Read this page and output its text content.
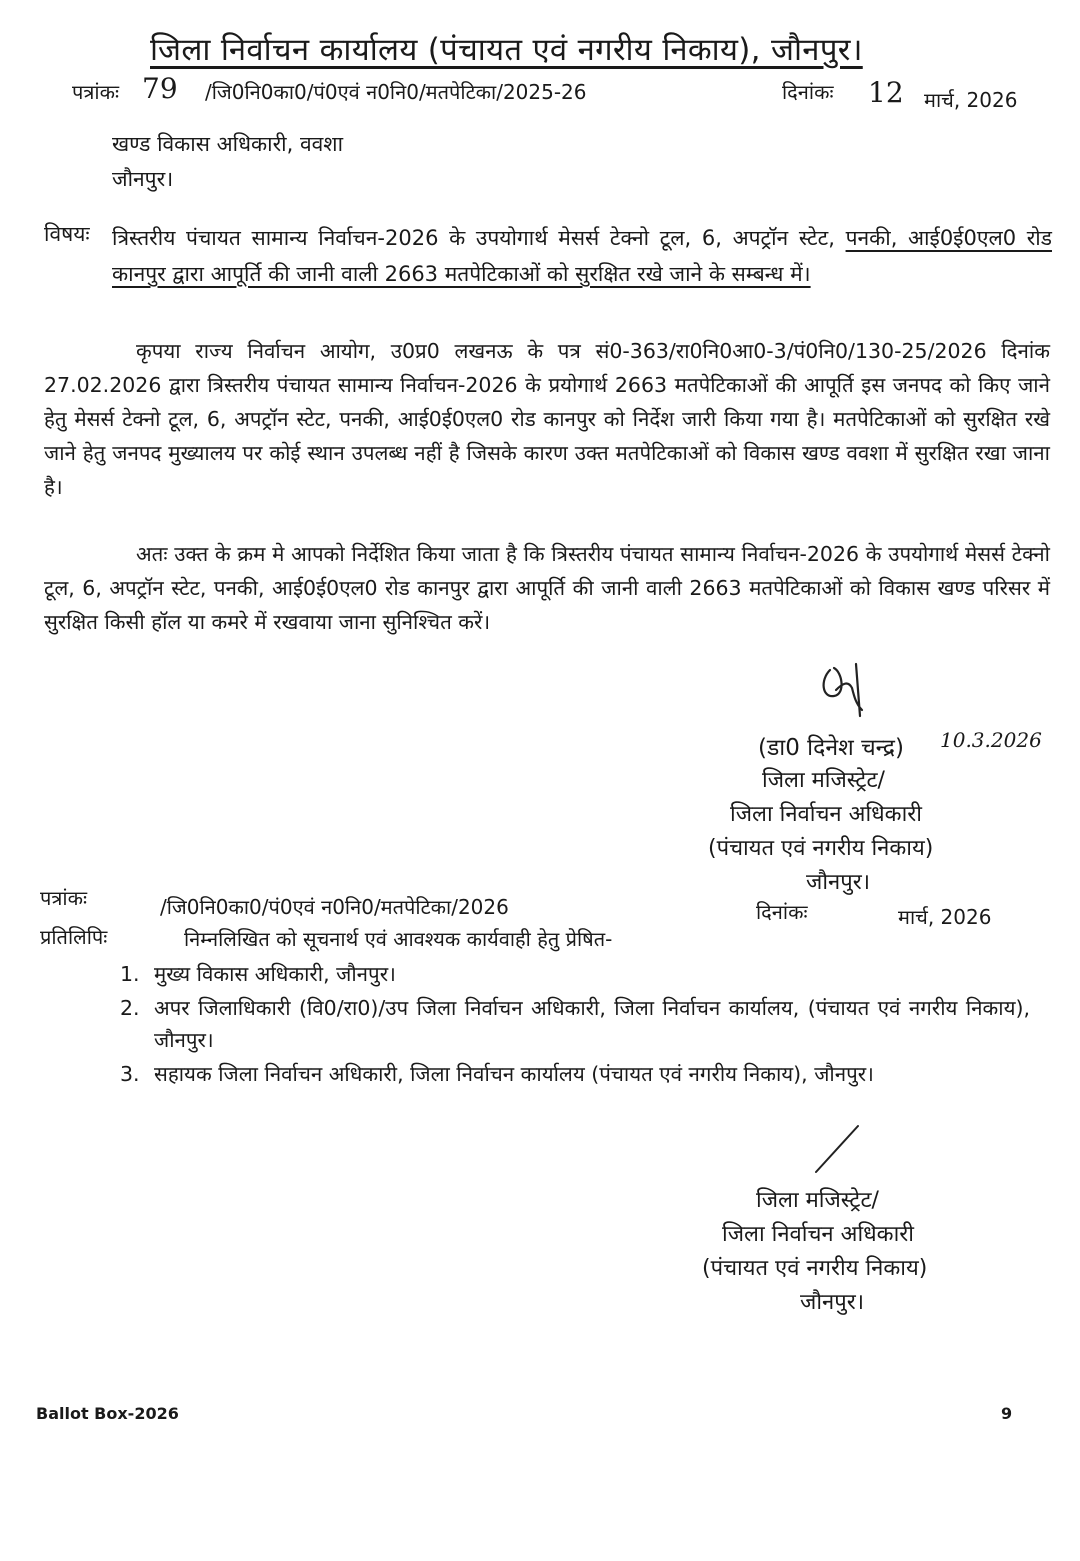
जिला निर्वाचन कार्यालय (पंचायत एवं नगरीय निकाय), जौनपुर।
पत्रांकः 79 /जि0नि0का0/पं0एवं न0नि0/मतपेटिका/2025-26	दिनांकः 12 मार्च, 2026
खण्ड विकास अधिकारी, ववशा
जौनपुर।
विषयः त्रिस्तरीय पंचायत सामान्य निर्वाचन-2026 के उपयोगार्थ मेसर्स टेक्नो टूल, 6, अपट्रॉन स्टेट, पनकी, आई0ई0एल0 रोड कानपुर द्वारा आपूर्ति की जानी वाली 2663 मतपेटिकाओं को सुरक्षित रखे जाने के सम्बन्ध में।
कृपया राज्य निर्वाचन आयोग, उ0प्र0 लखनऊ के पत्र सं0-363/रा0नि0आ0-3/पं0नि0/130-25/2026 दिनांक 27.02.2026 द्वारा त्रिस्तरीय पंचायत सामान्य निर्वाचन-2026 के प्रयोगार्थ 2663 मतपेटिकाओं की आपूर्ति इस जनपद को किए जाने हेतु मेसर्स टेक्नो टूल, 6, अपट्रॉन स्टेट, पनकी, आई0ई0एल0 रोड कानपुर को निर्देश जारी किया गया है। मतपेटिकाओं को सुरक्षित रखे जाने हेतु जनपद मुख्यालय पर कोई स्थान उपलब्ध नहीं है जिसके कारण उक्त मतपेटिकाओं को विकास खण्ड ववशा में सुरक्षित रखा जाना है।
अतः उक्त के क्रम मे आपको निर्देशित किया जाता है कि त्रिस्तरीय पंचायत सामान्य निर्वाचन-2026 के उपयोगार्थ मेसर्स टेक्नो टूल, 6, अपट्रॉन स्टेट, पनकी, आई0ई0एल0 रोड कानपुर द्वारा आपूर्ति की जानी वाली 2663 मतपेटिकाओं को विकास खण्ड परिसर में सुरक्षित किसी हॉल या कमरे में रखवाया जाना सुनिश्चित करें।
(डा0 दिनेश चन्द्र) 10.3.2026
जिला मजिस्ट्रेट/
जिला निर्वाचन अधिकारी
(पंचायत एवं नगरीय निकाय)
जौनपुर।
पत्रांकः	/जि0नि0का0/पं0एवं न0नि0/मतपेटिका/2026	दिनांकः	मार्च, 2026
प्रतिलिपिः	निम्नलिखित को सूचनार्थ एवं आवश्यक कार्यवाही हेतु प्रेषित-
1. मुख्य विकास अधिकारी, जौनपुर।
2. अपर जिलाधिकारी (वि0/रा0)/उप जिला निर्वाचन अधिकारी, जिला निर्वाचन कार्यालय, (पंचायत एवं नगरीय निकाय), जौनपुर।
3. सहायक जिला निर्वाचन अधिकारी, जिला निर्वाचन कार्यालय (पंचायत एवं नगरीय निकाय), जौनपुर।
जिला मजिस्ट्रेट/
जिला निर्वाचन अधिकारी
(पंचायत एवं नगरीय निकाय)
जौनपुर।
Ballot Box-2026	9
